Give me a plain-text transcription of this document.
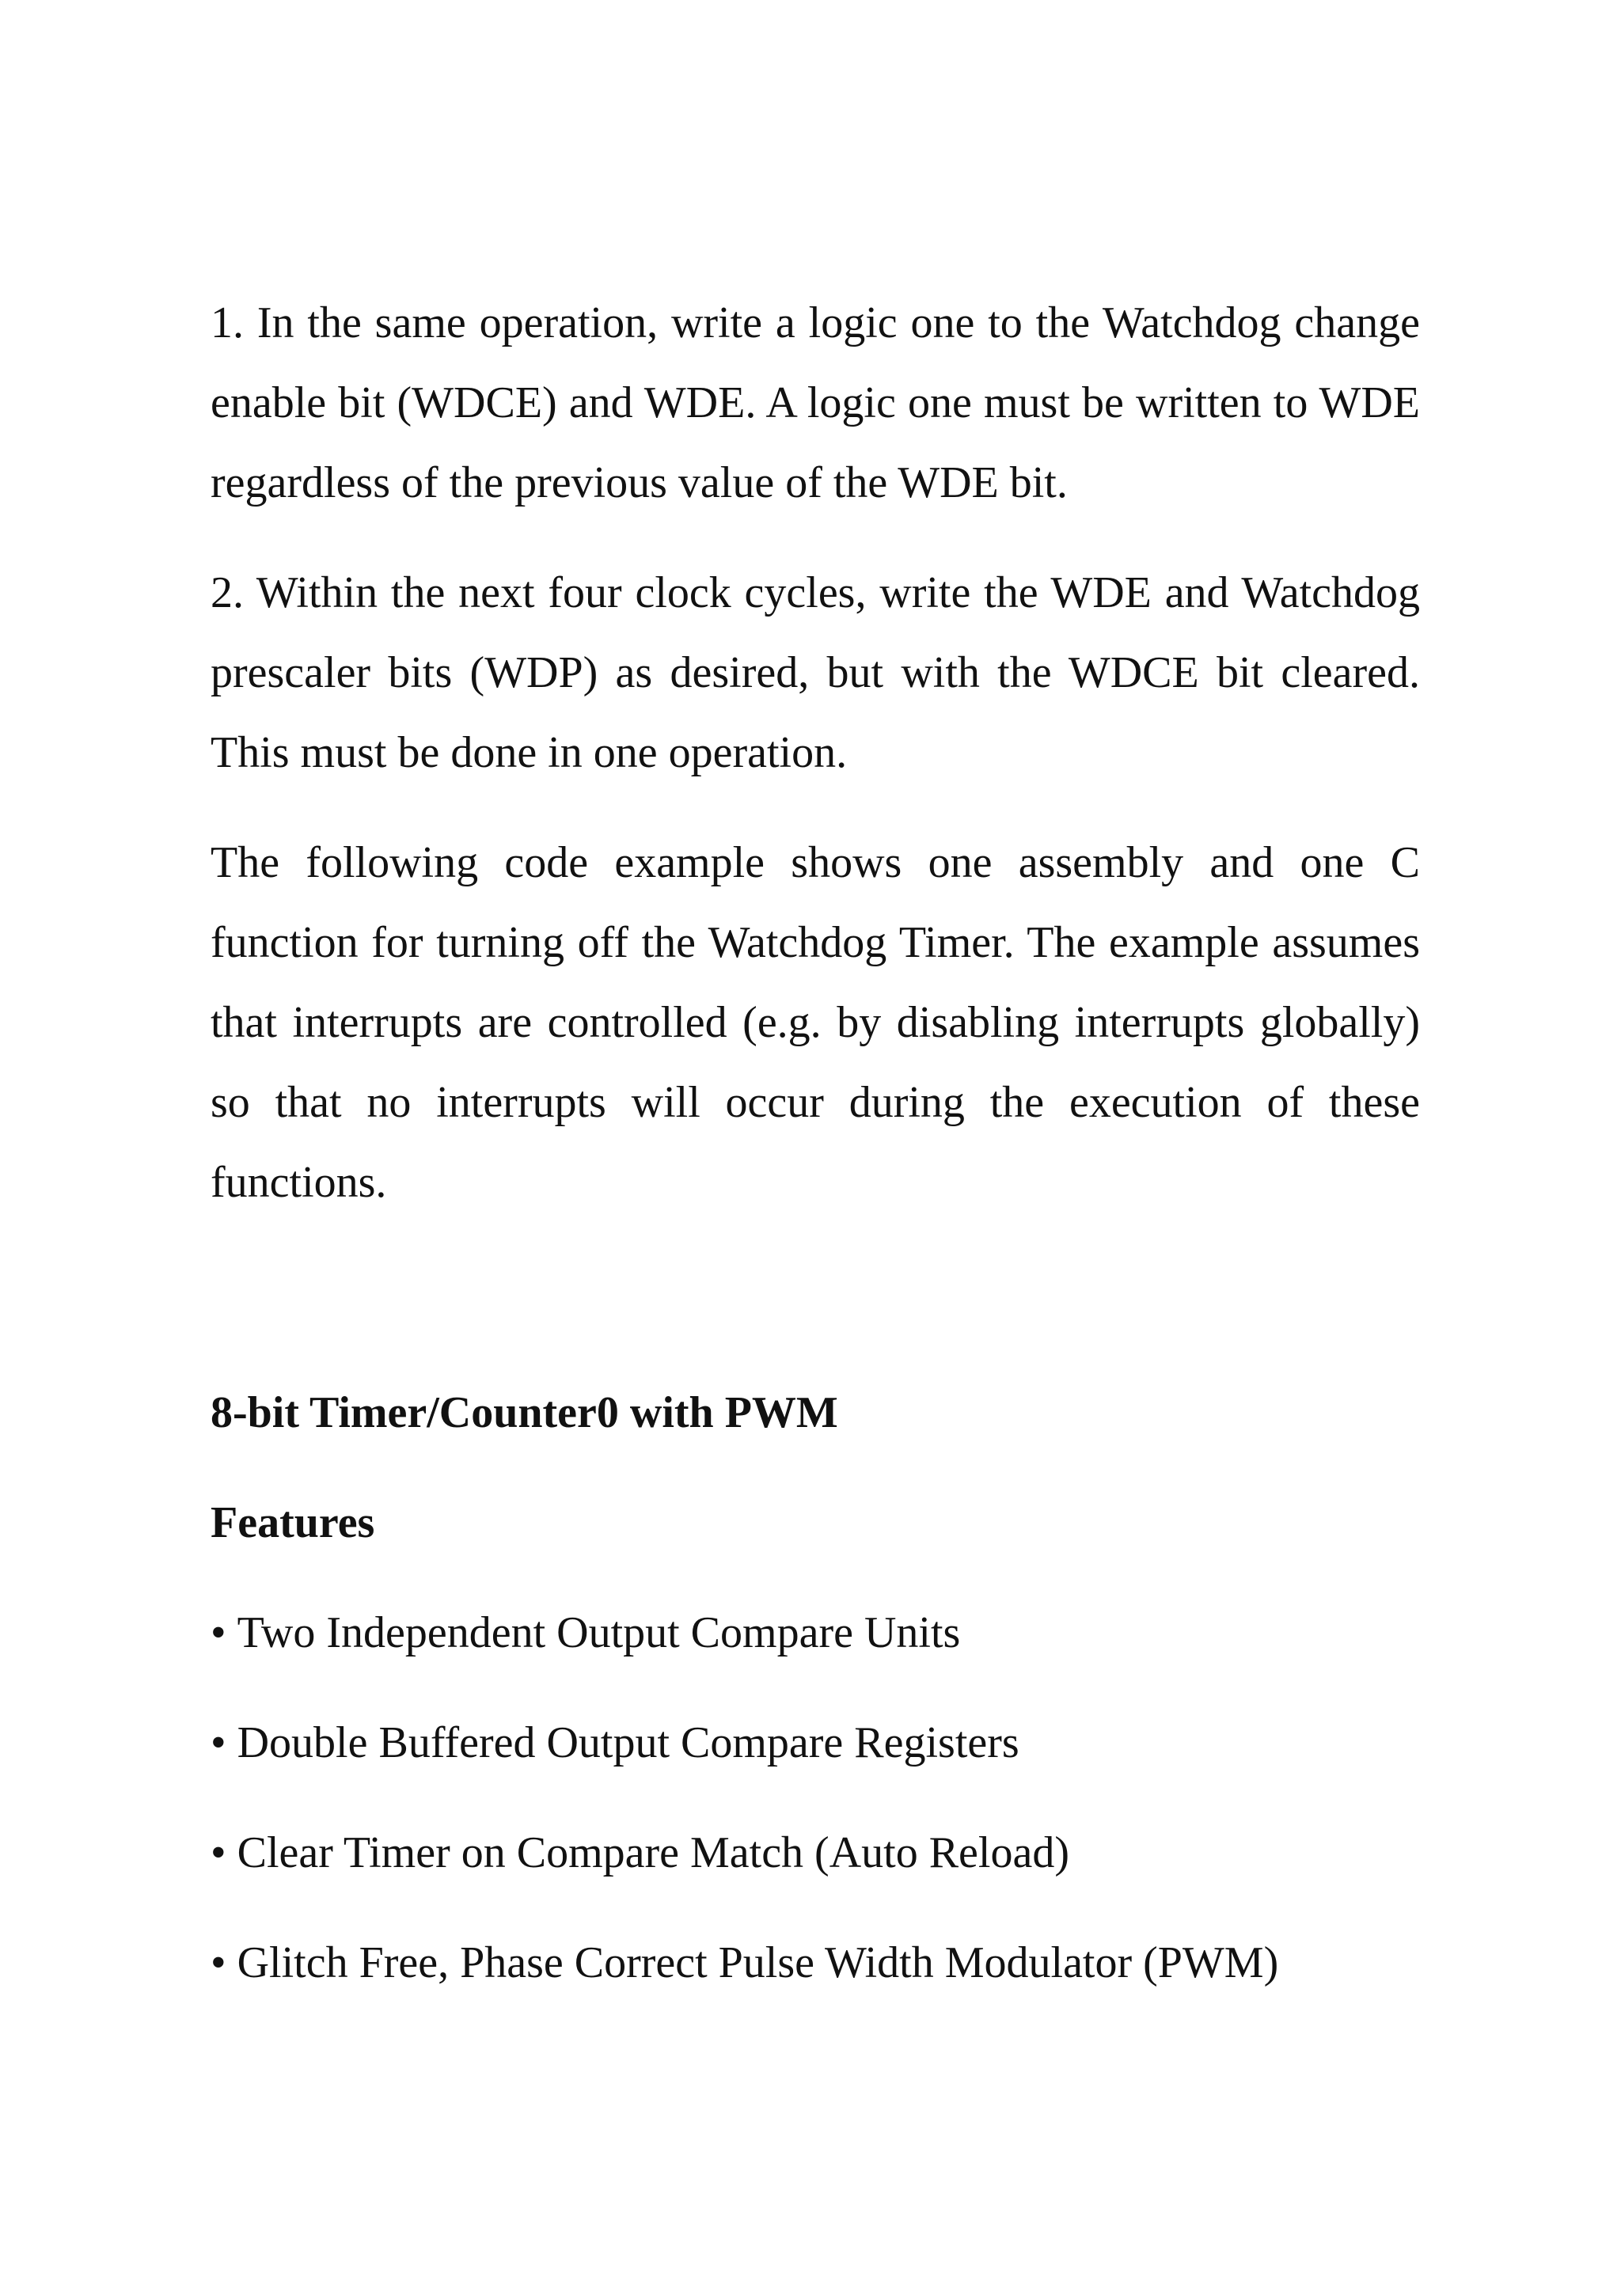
1. In the same operation, write a logic one to the Watchdog change enable bit (WDCE) and WDE. A logic one must be written to WDE regardless of the previous value of the WDE bit.

2. Within the next four clock cycles, write the WDE and Watchdog prescaler bits (WDP) as desired, but with the WDCE bit cleared. This must be done in one operation.

The following code example shows one assembly and one C function for turning off the Watchdog Timer. The example assumes that interrupts are controlled (e.g. by disabling interrupts globally) so that no interrupts will occur during the execution of these functions.

8-bit Timer/Counter0 with PWM
Features

• Two Independent Output Compare Units

• Double Buffered Output Compare Registers

• Clear Timer on Compare Match (Auto Reload)

• Glitch Free, Phase Correct Pulse Width Modulator (PWM)
